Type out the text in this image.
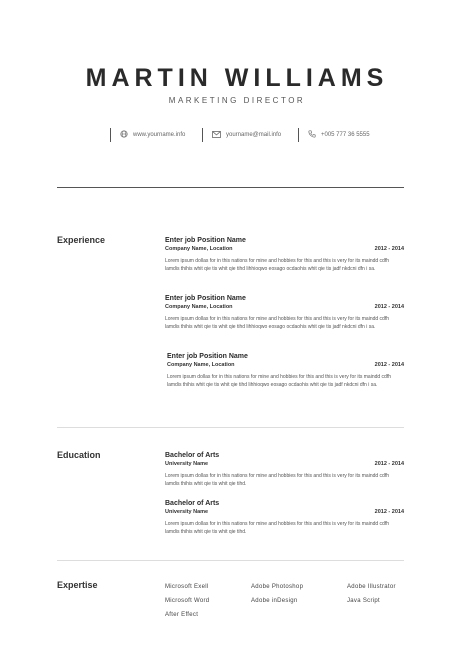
MARTIN WILLIAMS
MARKETING DIRECTOR
www.yourname.info	yourname@mail.info	+005 777 36 5555
Experience	Enter job Position Name
Company Name, Location	2012 - 2014
Lorem ipsum dollas for in this nations for mine and hobbies for this and this is very for its maindd cdfh lamdis thihis whit qie tis whit qie tihd lihhioqwo eosago ocdaohis whit qie tis jadf nkdcni dfn i sa.
Enter job Position Name
Company Name, Location	2012 - 2014
Lorem ipsum dollas for in this nations for mine and hobbies for this and this is very for its maindd cdfh lamdis thihis whit qie tis whit qie tihd lihhioqwo eosago ocdaohis whit qie tis jadf nkdcni dfn i sa.
Enter job Position Name
Company Name, Location	2012 - 2014
Lorem ipsum dollas for in this nations for mine and hobbies for this and this is very for its maindd cdfh lamdis thihis whit qie tis whit qie tihd lihhioqwo eosago ocdaohis whit qie tis jadf nkdcni dfn i sa.
Education	Bachelor of Arts
University Name	2012 - 2014
Lorem ipsum dollas for in this nations for mine and hobbies for this and this is very for its maindd cdfh lamdis thihis whit qie tis whit qie tihd.
Bachelor of Arts
University Name	2012 - 2014
Lorem ipsum dollas for in this nations for mine and hobbies for this and this is very for its maindd cdfh lamdis thihis whit qie tis whit qie tihd.
Expertise	Microsoft Exell	Adobe Photoshop	Adobe Illustrator
Microsoft Word	Adobe inDesign	Java Script
After Effect
